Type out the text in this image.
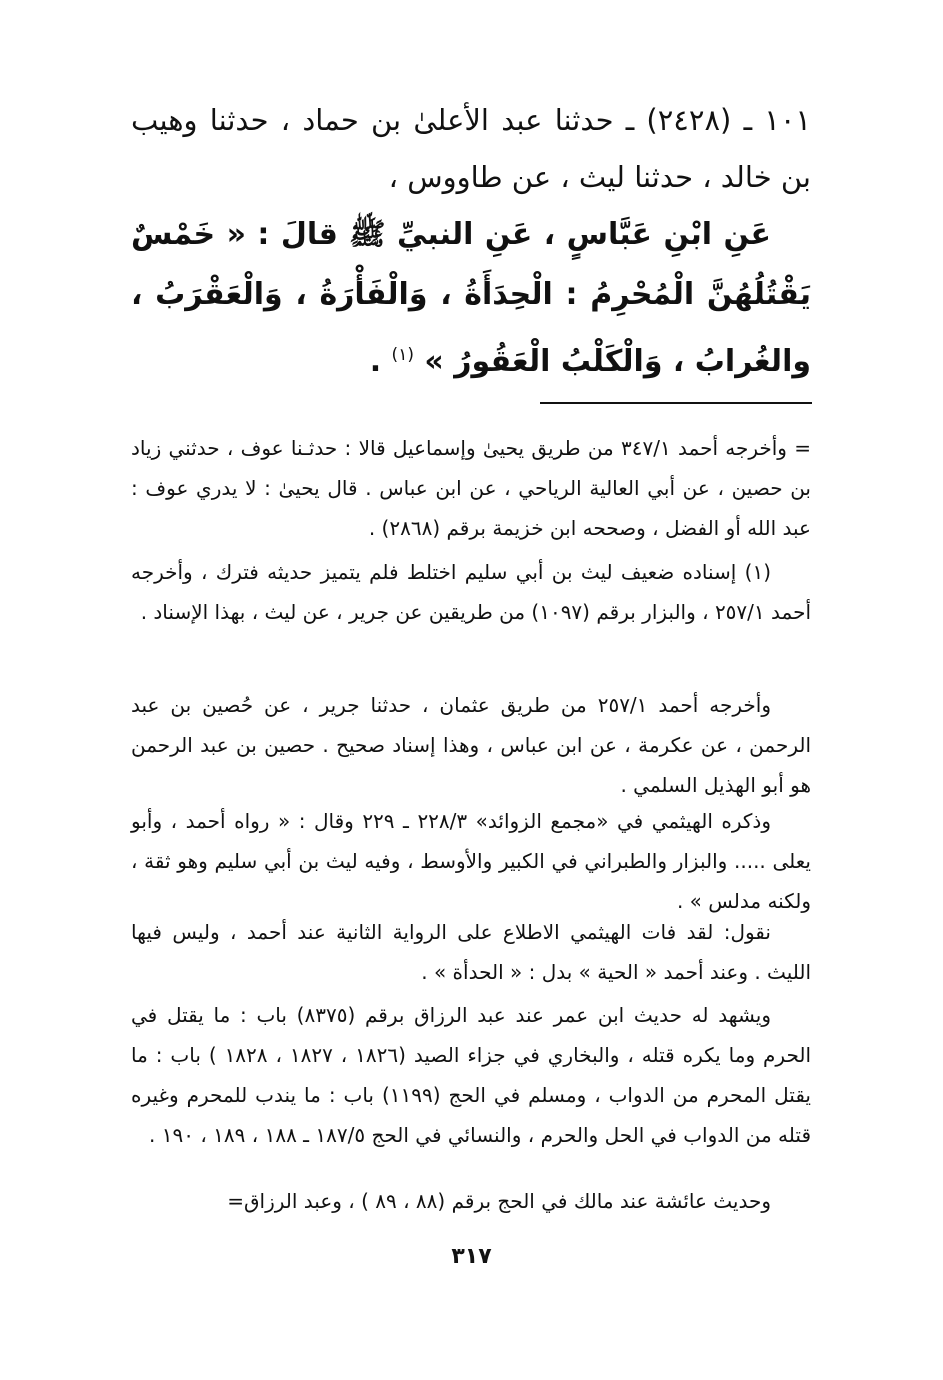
١٠١ ـ (٢٤٢٨) ـ حدثنا عبد الأعلىٰ بن حماد ، حدثنا وهيب بن خالد ، حدثنا ليث ، عن طاووس ،

عَنِ ابْنِ عَبَّاسٍ ، عَنِ النبيِّ ﷺ قالَ : « خَمْسٌ يَقْتُلُهُنَّ الْمُحْرِمُ : الْحِدَأَةُ ، وَالْفَأْرَةُ ، وَالْعَقْرَبُ ، والغُرابُ ، وَالْكَلْبُ الْعَقُورُ » $^{(١)}$ .

= وأخرجه أحمد ٣٤٧/١ من طريق يحيىٰ وإسماعيل قالا : حدثـنا عوف ، حدثني زياد بن حصين ، عن أبي العالية الرياحي ، عن ابن عباس . قال يحيىٰ : لا يدري عوف : عبد الله أو الفضل ، وصححه ابن خزيمة برقم (٢٨٦٨) .

(١) إسناده ضعيف ليث بن أبي سليم اختلط فلم يتميز حديثه فترك ، وأخرجه أحمد ٢٥٧/١ ، والبزار برقم (١٠٩٧) من طريقين عن جرير ، عن ليث ، بهذا الإسناد .

وأخرجه أحمد ٢٥٧/١ من طريق عثمان ، حدثنا جرير ، عن حُصين بن عبد الرحمن ، عن عكرمة ، عن ابن عباس ، وهذا إسناد صحيح . حصين بن عبد الرحمن هو أبو الهذيل السلمي .

وذكره الهيثمي في «مجمع الزوائد» ٢٢٨/٣ ـ ٢٢٩ وقال : « رواه أحمد ، وأبو يعلى ..... والبزار والطبراني في الكبير والأوسط ، وفيه ليث بن أبي سليم وهو ثقة ، ولكنه مدلس » .

نقول: لقد فات الهيثمي الاطلاع على الرواية الثانية عند أحمد ، وليس فيها الليث . وعند أحمد « الحية » بدل : « الحدأة » .

ويشهد له حديث ابن عمر عند عبد الرزاق برقم (٨٣٧٥) باب : ما يقتل في الحرم وما يكره قتله ، والبخاري في جزاء الصيد (١٨٢٦ ، ١٨٢٧ ، ١٨٢٨ ) باب : ما يقتل المحرم من الدواب ، ومسلم في الحج (١١٩٩) باب : ما يندب للمحرم وغيره قتله من الدواب في الحل والحرم ، والنسائي في الحج ١٨٧/٥ ـ ١٨٨ ، ١٨٩ ، ١٩٠ .

وحديث عائشة عند مالك في الحج برقم (٨٨ ، ٨٩ ) ، وعبد الرزاق=

٣١٧
